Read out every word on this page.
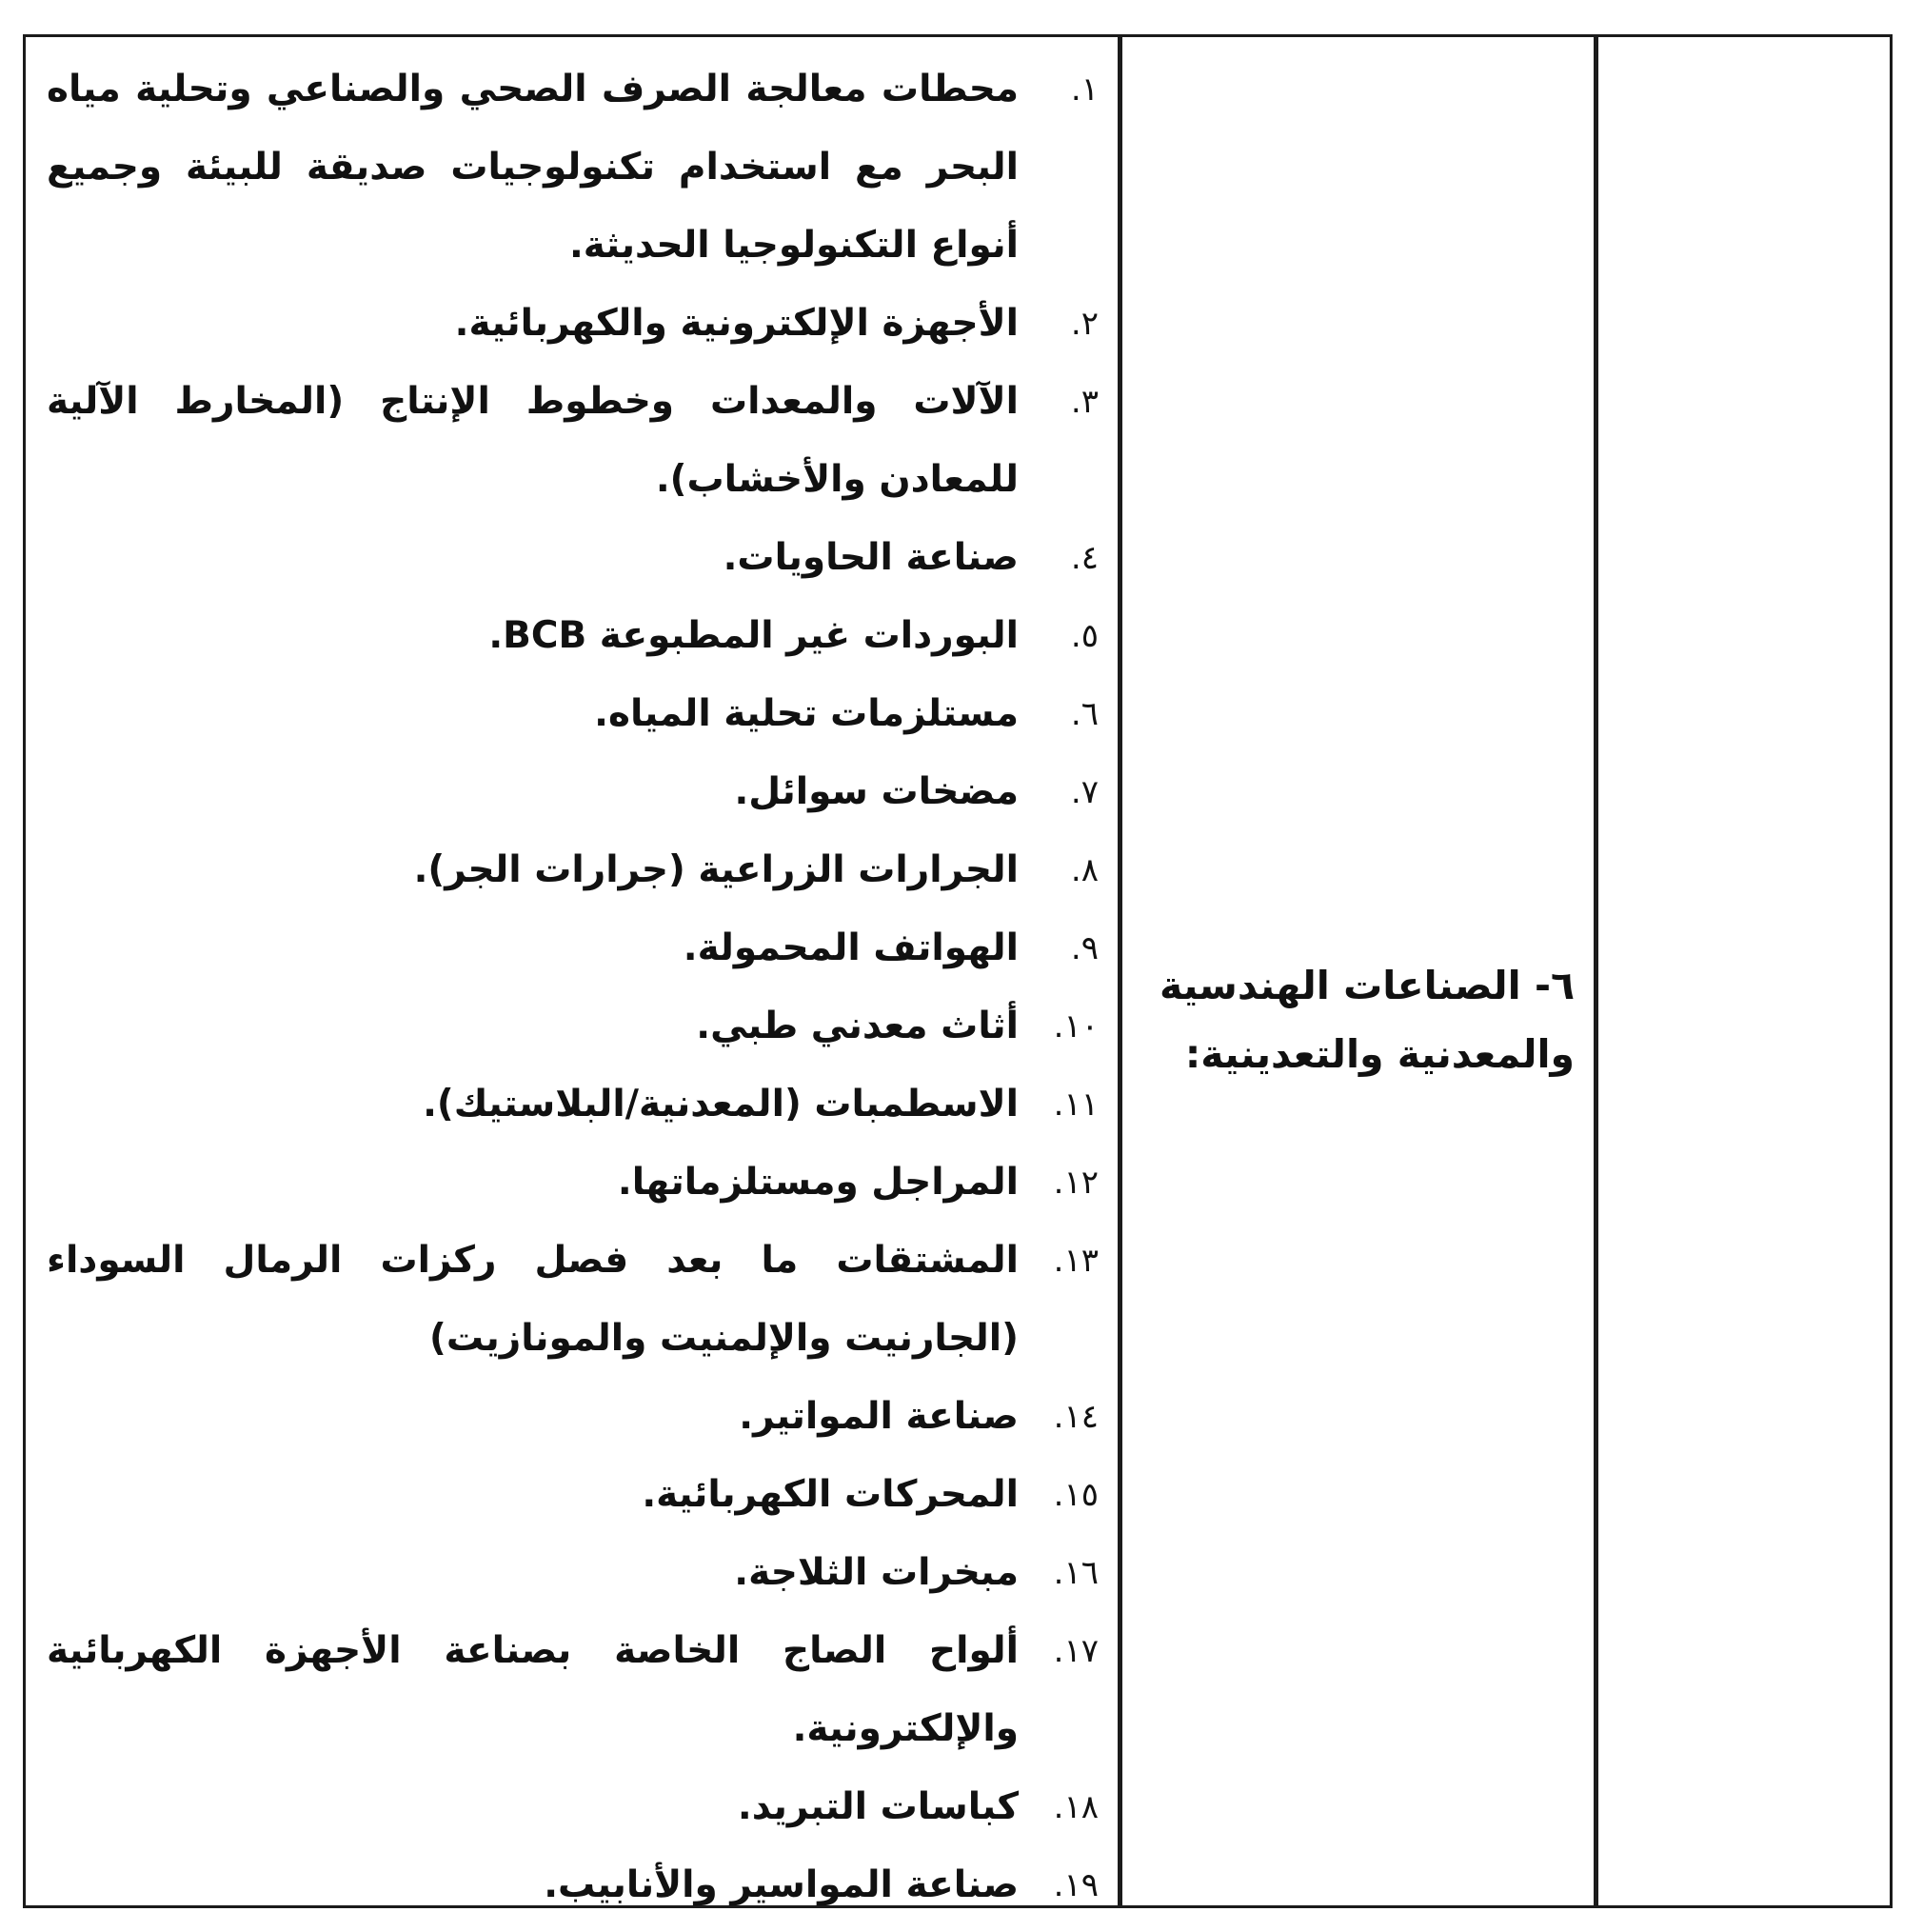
١.
محطات معالجة الصرف الصحي والصناعي وتحلية مياه البحر مع استخدام تكنولوجيات صديقة للبيئة وجميع أنواع التكنولوجيا الحديثة.
٢.
الأجهزة الإلكترونية والكهربائية.
٣.
الآلات والمعدات وخطوط الإنتاج (المخارط الآلية للمعادن والأخشاب).
٤.
صناعة الحاويات.
٥.
البوردات غير المطبوعة BCB.
٦.
مستلزمات تحلية المياه.
٧.
مضخات سوائل.
٨.
الجرارات الزراعية (جرارات الجر).
٩.
الهواتف المحمولة.
١٠.
أثاث معدني طبي.
١١.
الاسطمبات (المعدنية/البلاستيك).
١٢.
المراجل ومستلزماتها.
١٣.
المشتقات ما بعد فصل ركزات الرمال السوداء (الجارنيت والإلمنيت والمونازيت)
١٤.
صناعة المواتير.
١٥.
المحركات الكهربائية.
١٦.
مبخرات الثلاجة.
١٧.
ألواح الصاج الخاصة بصناعة الأجهزة الكهربائية والإلكترونية.
١٨.
كباسات التبريد.
١٩.
صناعة المواسير والأنابيب.
٦- الصناعات الهندسية والمعدنية والتعدينية:
